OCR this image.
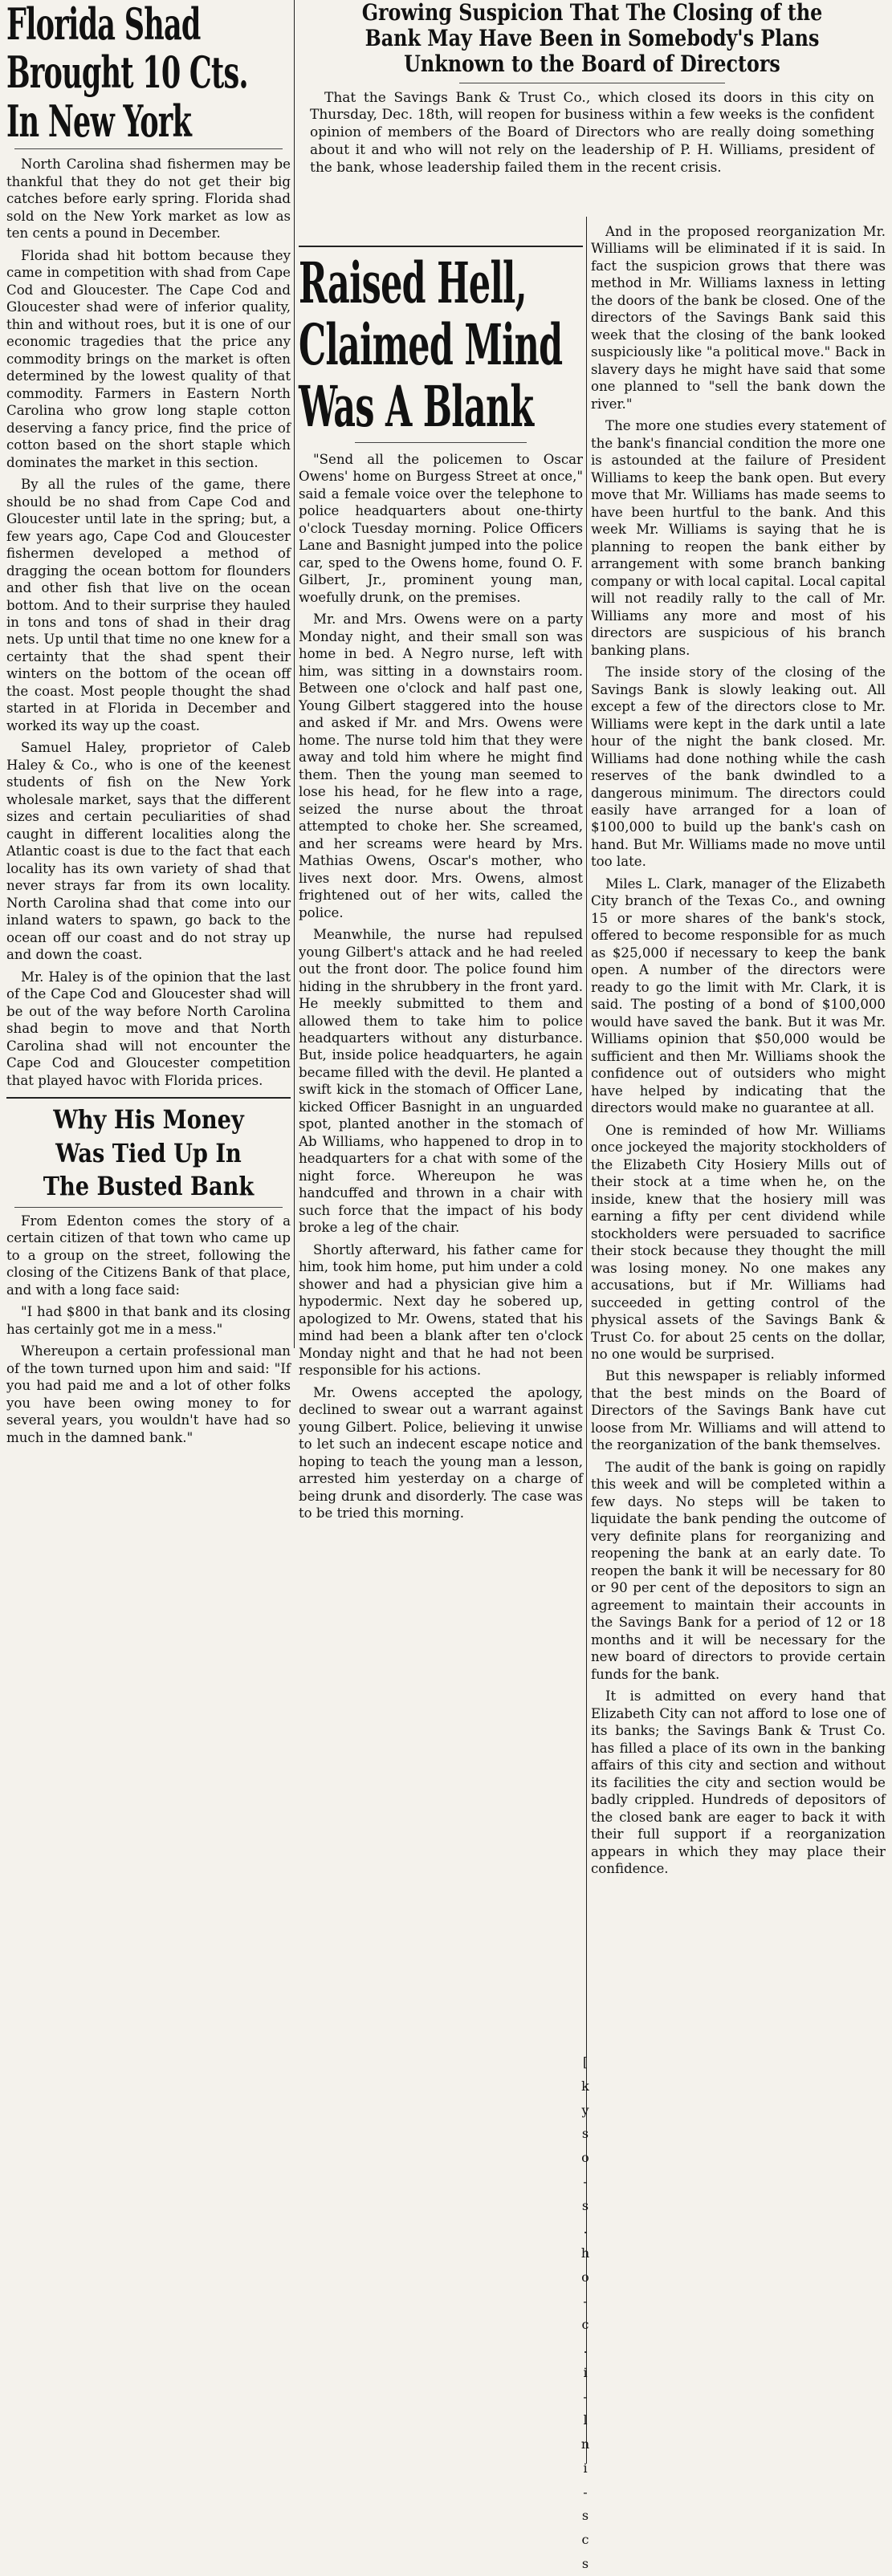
Florida Shad
Brought 10 Cts.
In New York

North Carolina shad fishermen may be thankful that they do not get their big catches before early spring. Florida shad sold on the New York market as low as ten cents a pound in December.

Florida shad hit bottom because they came in competition with shad from Cape Cod and Gloucester. The Cape Cod and Gloucester shad were of inferior quality, thin and without roes, but it is one of our economic tragedies that the price any commodity brings on the market is often determined by the lowest quality of that commodity. Farmers in Eastern North Carolina who grow long staple cotton deserving a fancy price, find the price of cotton based on the short staple which dominates the market in this section.

By all the rules of the game, there should be no shad from Cape Cod and Gloucester until late in the spring; but, a few years ago, Cape Cod and Gloucester fishermen developed a method of dragging the ocean bottom for flounders and other fish that live on the ocean bottom. And to their surprise they hauled in tons and tons of shad in their drag nets. Up until that time no one knew for a certainty that the shad spent their winters on the bottom of the ocean off the coast. Most people thought the shad started in at Florida in December and worked its way up the coast.

Samuel Haley, proprietor of Caleb Haley & Co., who is one of the keenest students of fish on the New York wholesale market, says that the different sizes and certain peculiarities of shad caught in different localities along the Atlantic coast is due to the fact that each locality has its own variety of shad that never strays far from its own locality. North Carolina shad that come into our inland waters to spawn, go back to the ocean off our coast and do not stray up and down the coast.

Mr. Haley is of the opinion that the last of the Cape Cod and Gloucester shad will be out of the way before North Carolina shad begin to move and that North Carolina shad will not encounter the Cape Cod and Gloucester competition that played havoc with Florida prices.

Why His Money
Was Tied Up In
The Busted Bank

From Edenton comes the story of a certain citizen of that town who came up to a group on the street, following the closing of the Citizens Bank of that place, and with a long face said:

"I had $800 in that bank and its closing has certainly got me in a mess."

Whereupon a certain professional man of the town turned upon him and said: "If you had paid me and a lot of other folks you have been owing money to for several years, you wouldn't have had so much in the damned bank."

Growing Suspicion That The Closing of the
Bank May Have Been in Somebody's Plans
Unknown to the Board of Directors

That the Savings Bank & Trust Co., which closed its doors in this city on Thursday, Dec. 18th, will reopen for business within a few weeks is the confident opinion of members of the Board of Directors who are really doing something about it and who will not rely on the leadership of P. H. Williams, president of the bank, whose leadership failed them in the recent crisis.

Raised Hell,
Claimed Mind
Was A Blank

"Send all the policemen to Oscar Owens' home on Burgess Street at once," said a female voice over the telephone to police headquarters about one-thirty o'clock Tuesday morning. Police Officers Lane and Basnight jumped into the police car, sped to the Owens home, found O. F. Gilbert, Jr., prominent young man, woefully drunk, on the premises.

Mr. and Mrs. Owens were on a party Monday night, and their small son was home in bed. A Negro nurse, left with him, was sitting in a downstairs room. Between one o'clock and half past one, Young Gilbert staggered into the house and asked if Mr. and Mrs. Owens were home. The nurse told him that they were away and told him where he might find them. Then the young man seemed to lose his head, for he flew into a rage, seized the nurse about the throat attempted to choke her. She screamed, and her screams were heard by Mrs. Mathias Owens, Oscar's mother, who lives next door. Mrs. Owens, almost frightened out of her wits, called the police.

Meanwhile, the nurse had repulsed young Gilbert's attack and he had reeled out the front door. The police found him hiding in the shrubbery in the front yard. He meekly submitted to them and allowed them to take him to police headquarters without any disturbance. But, inside police headquarters, he again became filled with the devil. He planted a swift kick in the stomach of Officer Lane, kicked Officer Basnight in an unguarded spot, planted another in the stomach of Ab Williams, who happened to drop in to headquarters for a chat with some of the night force. Whereupon he was handcuffed and thrown in a chair with such force that the impact of his body broke a leg of the chair.

Shortly afterward, his father came for him, took him home, put him under a cold shower and had a physician give him a hypodermic. Next day he sobered up, apologized to Mr. Owens, stated that his mind had been a blank after ten o'clock Monday night and that he had not been responsible for his actions.

Mr. Owens accepted the apology, declined to swear out a warrant against young Gilbert. Police, believing it unwise to let such an indecent escape notice and hoping to teach the young man a lesson, arrested him yesterday on a charge of being drunk and disorderly. The case was to be tried this morning.

And in the proposed reorganization Mr. Williams will be eliminated if it is said. In fact the suspicion grows that there was method in Mr. Williams laxness in letting the doors of the bank be closed. One of the directors of the Savings Bank said this week that the closing of the bank looked suspiciously like "a political move." Back in slavery days he might have said that some one planned to "sell the bank down the river."

The more one studies every statement of the bank's financial condition the more one is astounded at the failure of President Williams to keep the bank open. But every move that Mr. Williams has made seems to have been hurtful to the bank. And this week Mr. Williams is saying that he is planning to reopen the bank either by arrangement with some branch banking company or with local capital. Local capital will not readily rally to the call of Mr. Williams any more and most of his directors are suspicious of his branch banking plans.

The inside story of the closing of the Savings Bank is slowly leaking out. All except a few of the directors close to Mr. Williams were kept in the dark until a late hour of the night the bank closed. Mr. Williams had done nothing while the cash reserves of the bank dwindled to a dangerous minimum. The directors could easily have arranged for a loan of $100,000 to build up the bank's cash on hand. But Mr. Williams made no move until too late.

Miles L. Clark, manager of the Elizabeth City branch of the Texas Co., and owning 15 or more shares of the bank's stock, offered to become responsible for as much as $25,000 if necessary to keep the bank open. A number of the directors were ready to go the limit with Mr. Clark, it is said. The posting of a bond of $100,000 would have saved the bank. But it was Mr. Williams opinion that $50,000 would be sufficient and then Mr. Williams shook the confidence out of outsiders who might have helped by indicating that the directors would make no guarantee at all.

One is reminded of how Mr. Williams once jockeyed the majority stockholders of the Elizabeth City Hosiery Mills out of their stock at a time when he, on the inside, knew that the hosiery mill was earning a fifty per cent dividend while stockholders were persuaded to sacrifice their stock because they thought the mill was losing money. No one makes any accusations, but if Mr. Williams had succeeded in getting control of the physical assets of the Savings Bank & Trust Co. for about 25 cents on the dollar, no one would be surprised.

But this newspaper is reliably informed that the best minds on the Board of Directors of the Savings Bank have cut loose from Mr. Williams and will attend to the reorganization of the bank themselves.

The audit of the bank is going on rapidly this week and will be completed within a few days. No steps will be taken to liquidate the bank pending the outcome of very definite plans for reorganizing and reopening the bank at an early date. To reopen the bank it will be necessary for 80 or 90 per cent of the depositors to sign an agreement to maintain their accounts in the Savings Bank for a period of 12 or 18 months and it will be necessary for the new board of directors to provide certain funds for the bank.

It is admitted on every hand that Elizabeth City can not afford to lose one of its banks; the Savings Bank & Trust Co. has filled a place of its own in the banking affairs of this city and section and without its facilities the city and section would be badly crippled. Hundreds of depositors of the closed bank are eager to back it with their full support if a reorganization appears in which they may place their confidence.

[ k y s o - s . h o - c . i - l n i - s c s
